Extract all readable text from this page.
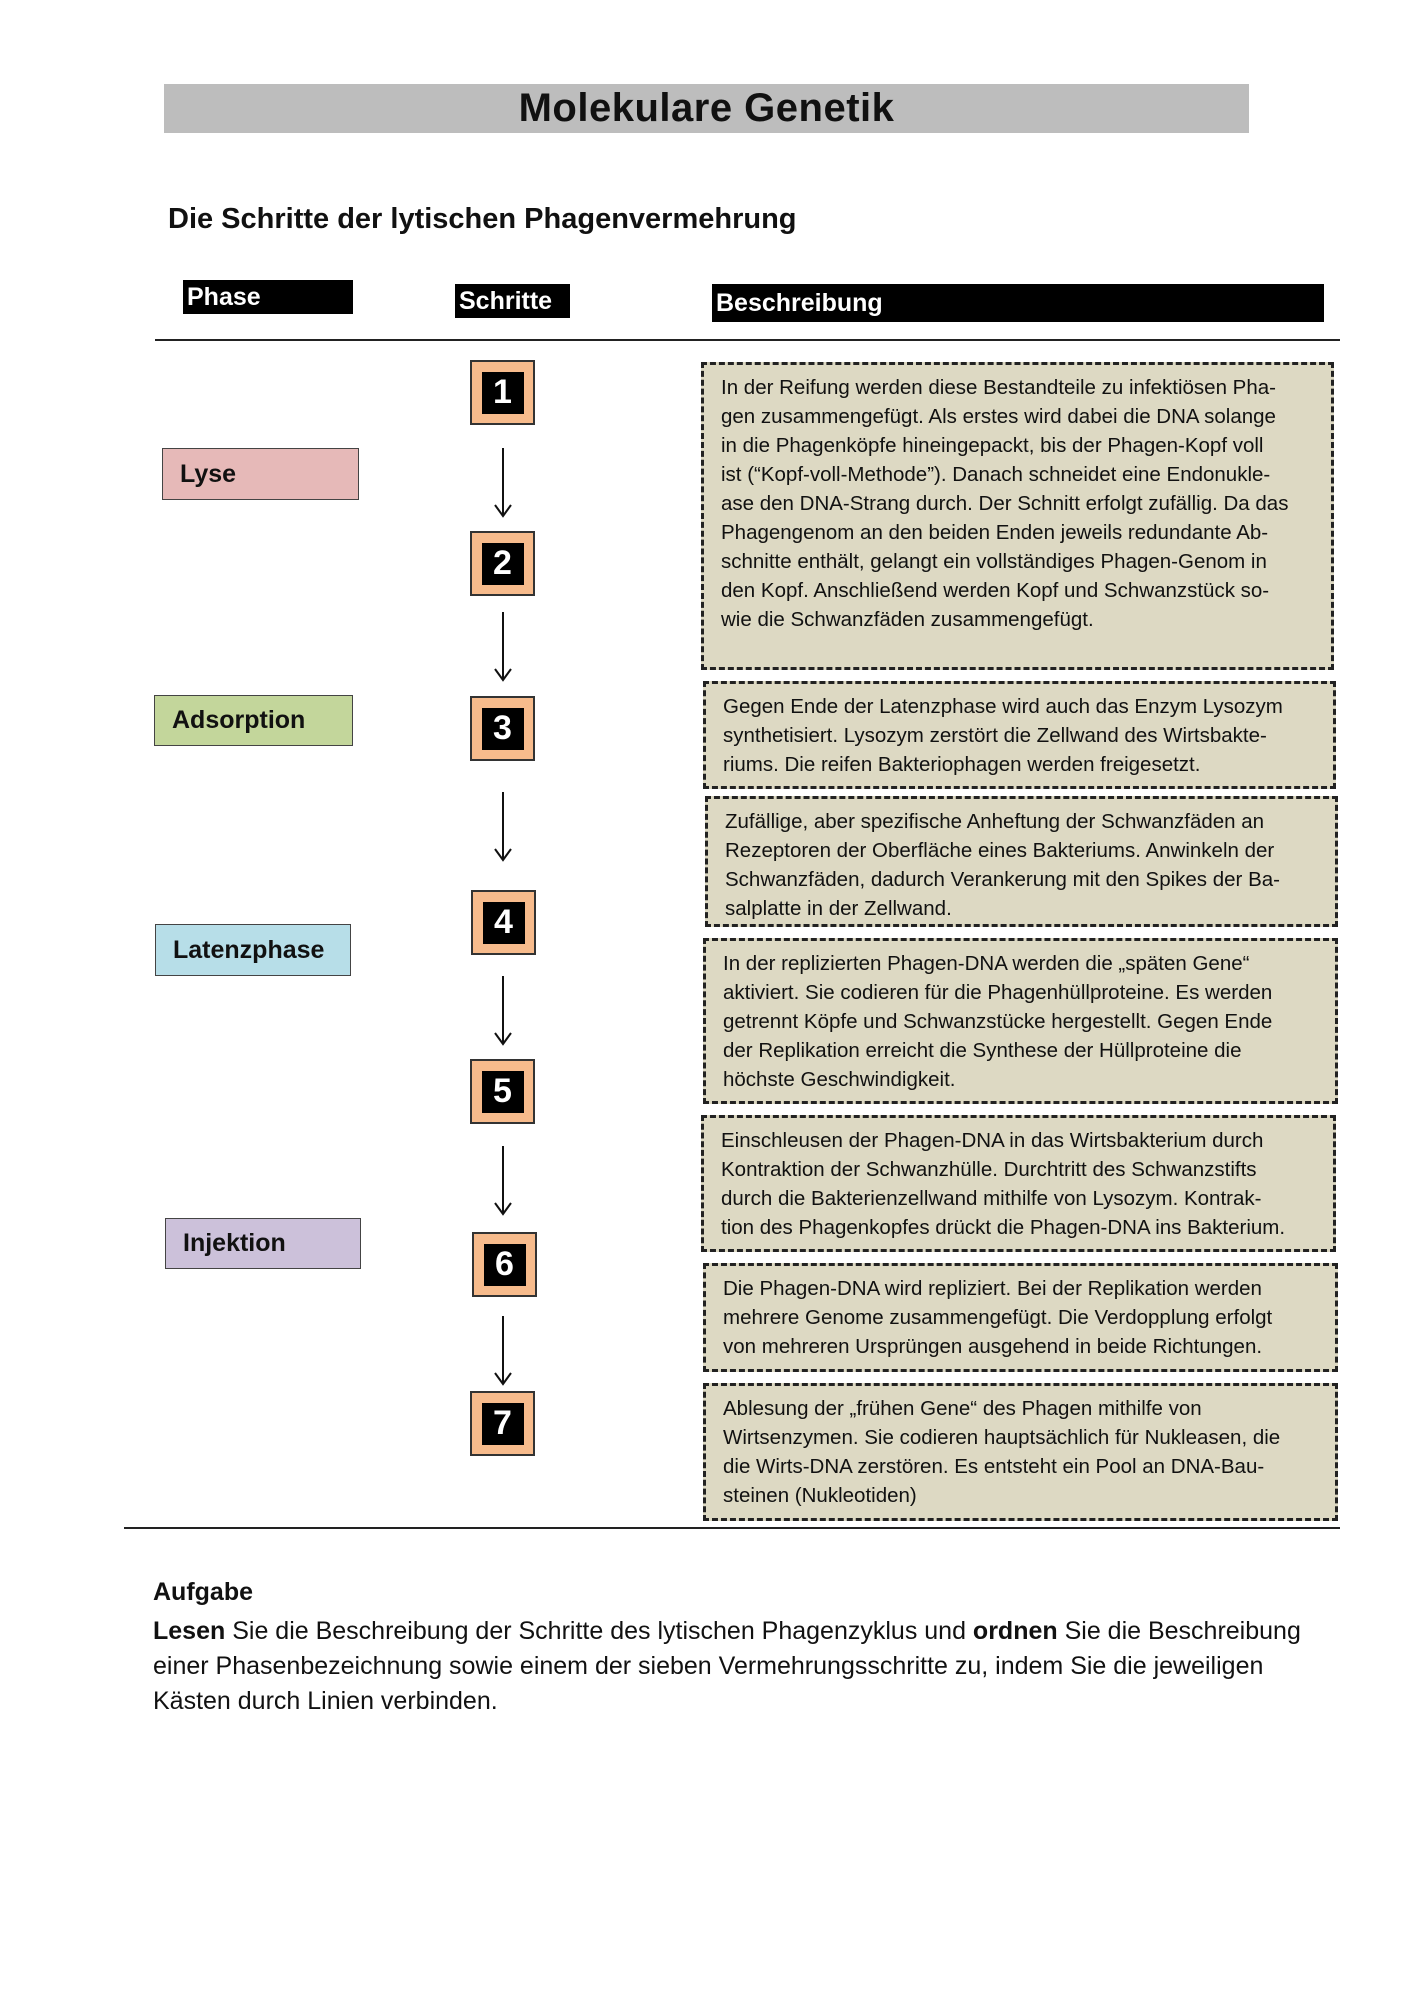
Molekulare Genetik
Die Schritte der lytischen Phagenvermehrung
Phase	Schritte	Beschreibung
Lyse
Adsorption
Latenzphase
Injektion
1
2
3
4
5
6
7
In der Reifung werden diese Bestandteile zu infektiösen Pha-
gen zusammengefügt. Als erstes wird dabei die DNA solange
in die Phagenköpfe hineingepackt, bis der Phagen-Kopf voll
ist (“Kopf-voll-Methode”). Danach schneidet eine Endonukle-
ase den DNA-Strang durch. Der Schnitt erfolgt zufällig. Da das
Phagengenom an den beiden Enden jeweils redundante Ab-
schnitte enthält, gelangt ein vollständiges Phagen-Genom in
den Kopf. Anschließend werden Kopf und Schwanzstück so-
wie die Schwanzfäden zusammengefügt.
Gegen Ende der Latenzphase wird auch das Enzym Lysozym
synthetisiert. Lysozym zerstört die Zellwand des Wirtsbakte-
riums. Die reifen Bakteriophagen werden freigesetzt.
Zufällige, aber spezifische Anheftung der Schwanzfäden an
Rezeptoren der Oberfläche eines Bakteriums. Anwinkeln der
Schwanzfäden, dadurch Verankerung mit den Spikes der Ba-
salplatte in der Zellwand.
In der replizierten Phagen-DNA werden die „späten Gene“
aktiviert. Sie codieren für die Phagenhüllproteine. Es werden
getrennt Köpfe und Schwanzstücke hergestellt. Gegen Ende
der Replikation erreicht die Synthese der Hüllproteine die
höchste Geschwindigkeit.
Einschleusen der Phagen-DNA in das Wirtsbakterium durch
Kontraktion der Schwanzhülle. Durchtritt des Schwanzstifts
durch die Bakterienzellwand mithilfe von Lysozym. Kontrak-
tion des Phagenkopfes drückt die Phagen-DNA ins Bakterium.
Die Phagen-DNA wird repliziert. Bei der Replikation werden
mehrere Genome zusammengefügt. Die Verdopplung erfolgt
von mehreren Ursprüngen ausgehend in beide Richtungen.
Ablesung der „frühen Gene“ des Phagen mithilfe von
Wirtsenzymen. Sie codieren hauptsächlich für Nukleasen, die
die Wirts-DNA zerstören. Es entsteht ein Pool an DNA-Bau-
steinen (Nukleotiden)
Aufgabe
Lesen Sie die Beschreibung der Schritte des lytischen Phagenzyklus und ordnen Sie die Beschreibung einer Phasenbezeichnung sowie einem der sieben Vermehrungsschritte zu, indem Sie die jeweiligen Kästen durch Linien verbinden.
